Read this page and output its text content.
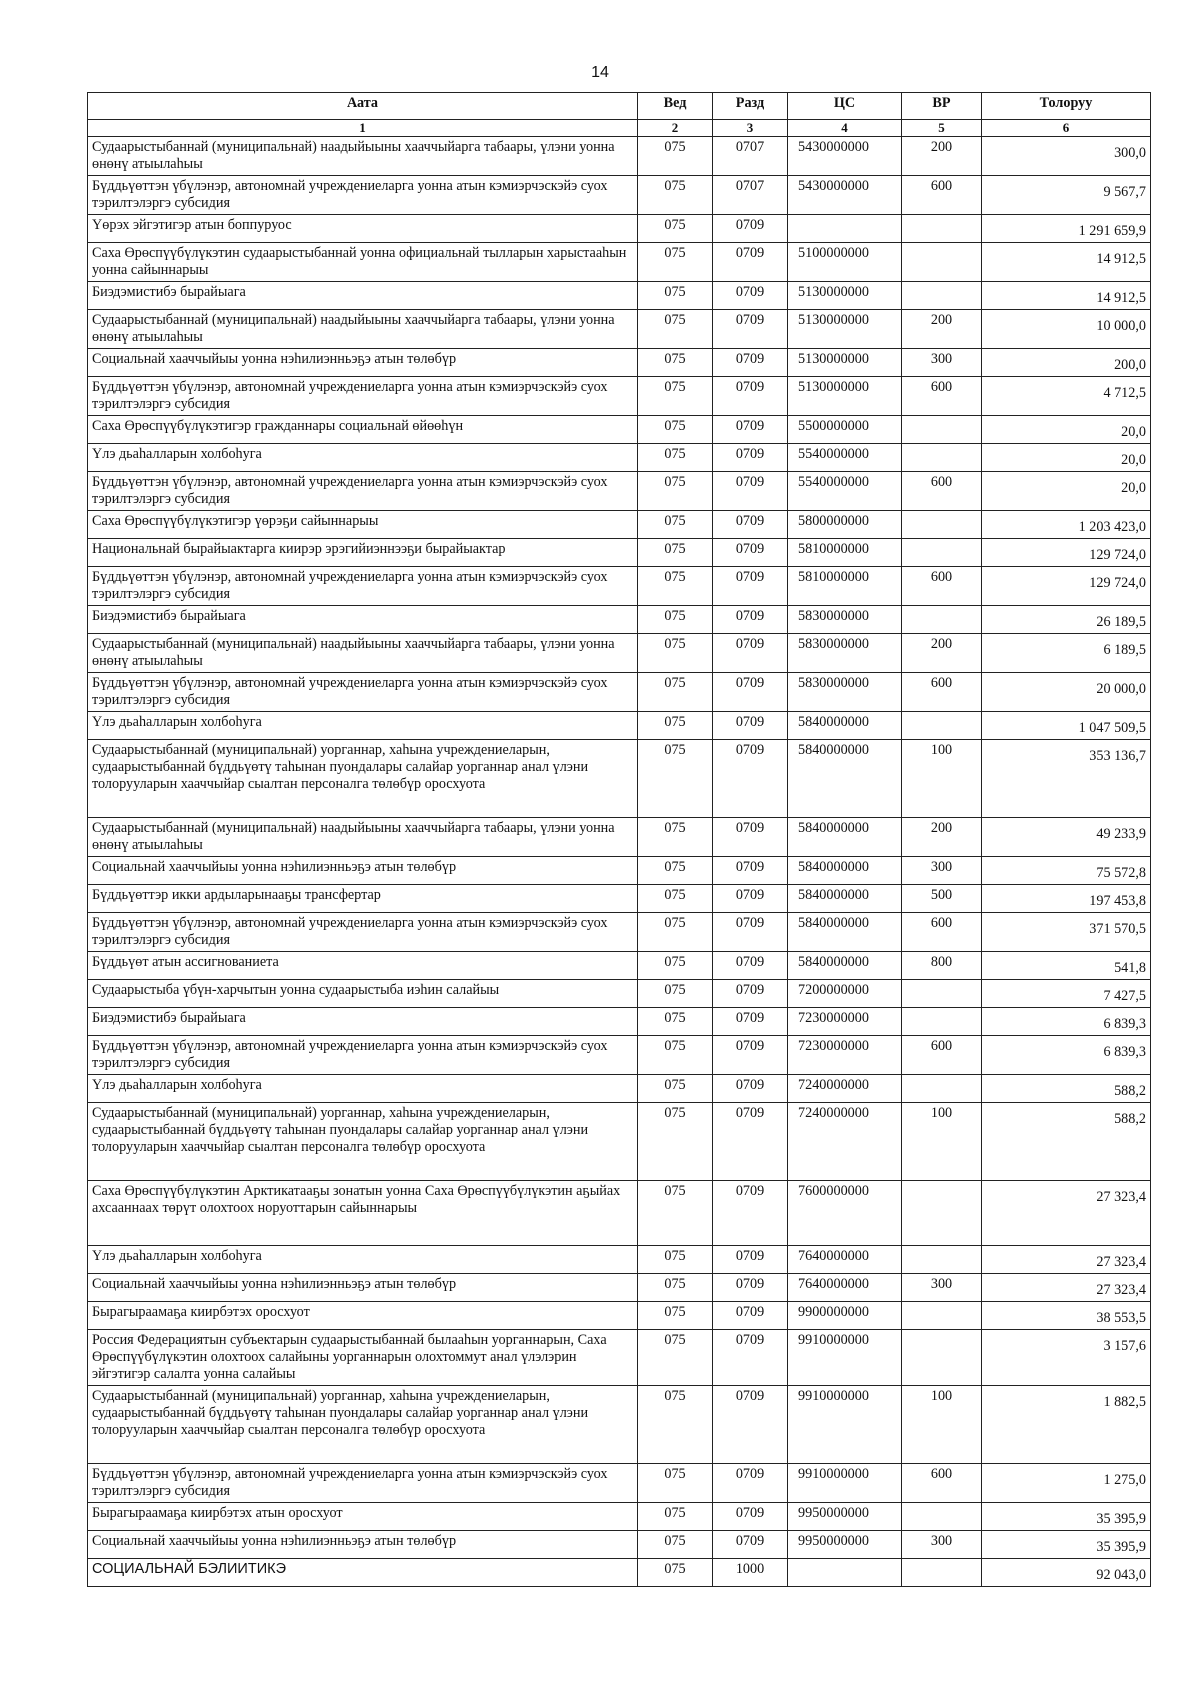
14
Аата	Вед	Разд	ЦС	ВР	Толоруу
1	2	3	4	5	6
Судаарыстыбаннай (муниципальнай) наадыйыыны хааччыйарга табаары, үлэни уонна өнөнү атыылаһыы	075	0707	5430000000	200	300,0
Бүддьүөттэн үбүлэнэр, автономнай учреждениеларга уонна атын кэмиэрчэскэйэ суох тэрилтэлэргэ субсидия	075	0707	5430000000	600	9 567,7
Үөрэх эйгэтигэр атын боппуруос	075	0709			1 291 659,9
Саха Өрөспүүбүлүкэтин судаарыстыбаннай уонна официальнай тылларын харыстааһын уонна сайыннарыы	075	0709	5100000000		14 912,5
Биэдэмистибэ бырайыага	075	0709	5130000000		14 912,5
Судаарыстыбаннай (муниципальнай) наадыйыыны хааччыйарга табаары, үлэни уонна өнөнү атыылаһыы	075	0709	5130000000	200	10 000,0
Социальнай хааччыйыы уонна нэһилиэнньэҕэ атын төлөбүр	075	0709	5130000000	300	200,0
Бүддьүөттэн үбүлэнэр, автономнай учреждениеларга уонна атын кэмиэрчэскэйэ суох тэрилтэлэргэ субсидия	075	0709	5130000000	600	4 712,5
Саха Өрөспүүбүлүкэтигэр гражданнары социальнай өйөөһүн	075	0709	5500000000		20,0
Үлэ дьаһалларын холбоһуга	075	0709	5540000000		20,0
Бүддьүөттэн үбүлэнэр, автономнай учреждениеларга уонна атын кэмиэрчэскэйэ суох тэрилтэлэргэ субсидия	075	0709	5540000000	600	20,0
Саха Өрөспүүбүлүкэтигэр үөрэҕи сайыннарыы	075	0709	5800000000		1 203 423,0
Национальнай бырайыактарга киирэр эрэгийиэннээҕи бырайыактар	075	0709	5810000000		129 724,0
Бүддьүөттэн үбүлэнэр, автономнай учреждениеларга уонна атын кэмиэрчэскэйэ суох тэрилтэлэргэ субсидия	075	0709	5810000000	600	129 724,0
Биэдэмистибэ бырайыага	075	0709	5830000000		26 189,5
Судаарыстыбаннай (муниципальнай) наадыйыыны хааччыйарга табаары, үлэни уонна өнөнү атыылаһыы	075	0709	5830000000	200	6 189,5
Бүддьүөттэн үбүлэнэр, автономнай учреждениеларга уонна атын кэмиэрчэскэйэ суох тэрилтэлэргэ субсидия	075	0709	5830000000	600	20 000,0
Үлэ дьаһалларын холбоһуга	075	0709	5840000000		1 047 509,5
Судаарыстыбаннай (муниципальнай) уорганнар, хаһына учреждениеларын, судаарыстыбаннай бүддьүөтү таһынан пуондалары салайар уорганнар анал үлэни толорууларын хааччыйар сыалтан персоналга төлөбүр оросхуота	075	0709	5840000000	100	353 136,7
Судаарыстыбаннай (муниципальнай) наадыйыыны хааччыйарга табаары, үлэни уонна өнөнү атыылаһыы	075	0709	5840000000	200	49 233,9
Социальнай хааччыйыы уонна нэһилиэнньэҕэ атын төлөбүр	075	0709	5840000000	300	75 572,8
Бүддьүөттэр икки ардыларынааҕы трансфертар	075	0709	5840000000	500	197 453,8
Бүддьүөттэн үбүлэнэр, автономнай учреждениеларга уонна атын кэмиэрчэскэйэ суох тэрилтэлэргэ субсидия	075	0709	5840000000	600	371 570,5
Бүддьүөт атын ассигнованиета	075	0709	5840000000	800	541,8
Судаарыстыба үбүн-харчытын уонна судаарыстыба иэһин салайыы	075	0709	7200000000		7 427,5
Биэдэмистибэ бырайыага	075	0709	7230000000		6 839,3
Бүддьүөттэн үбүлэнэр, автономнай учреждениеларга уонна атын кэмиэрчэскэйэ суох тэрилтэлэргэ субсидия	075	0709	7230000000	600	6 839,3
Үлэ дьаһалларын холбоһуга	075	0709	7240000000		588,2
Судаарыстыбаннай (муниципальнай) уорганнар, хаһына учреждениеларын, судаарыстыбаннай бүддьүөтү таһынан пуондалары салайар уорганнар анал үлэни толорууларын хааччыйар сыалтан персоналга төлөбүр оросхуота	075	0709	7240000000	100	588,2
Саха Өрөспүүбүлүкэтин Арктикатааҕы зонатын уонна Саха Өрөспүүбүлүкэтин аҕыйах ахсааннаах төрүт олохтоох норуоттарын сайыннарыы	075	0709	7600000000		27 323,4
Үлэ дьаһалларын холбоһуга	075	0709	7640000000		27 323,4
Социальнай хааччыйыы уонна нэһилиэнньэҕэ атын төлөбүр	075	0709	7640000000	300	27 323,4
Бырагыраамаҕа киирбэтэх оросхуот	075	0709	9900000000		38 553,5
Россия Федерациятын субъектарын судаарыстыбаннай былааһын уорганнарын, Саха Өрөспүүбүлүкэтин олохтоох салайыны уорганнарын олохтоммут анал үлэлэрин эйгэтигэр салалта уонна салайыы	075	0709	9910000000		3 157,6
Судаарыстыбаннай (муниципальнай) уорганнар, хаһына учреждениеларын, судаарыстыбаннай бүддьүөтү таһынан пуондалары салайар уорганнар анал үлэни толорууларын хааччыйар сыалтан персоналга төлөбүр оросхуота	075	0709	9910000000	100	1 882,5
Бүддьүөттэн үбүлэнэр, автономнай учреждениеларга уонна атын кэмиэрчэскэйэ суох тэрилтэлэргэ субсидия	075	0709	9910000000	600	1 275,0
Бырагыраамаҕа киирбэтэх атын оросхуот	075	0709	9950000000		35 395,9
Социальнай хааччыйыы уонна нэһилиэнньэҕэ атын төлөбүр	075	0709	9950000000	300	35 395,9
СОЦИАЛЬНАЙ БЭЛИИТИКЭ	075	1000			92 043,0
